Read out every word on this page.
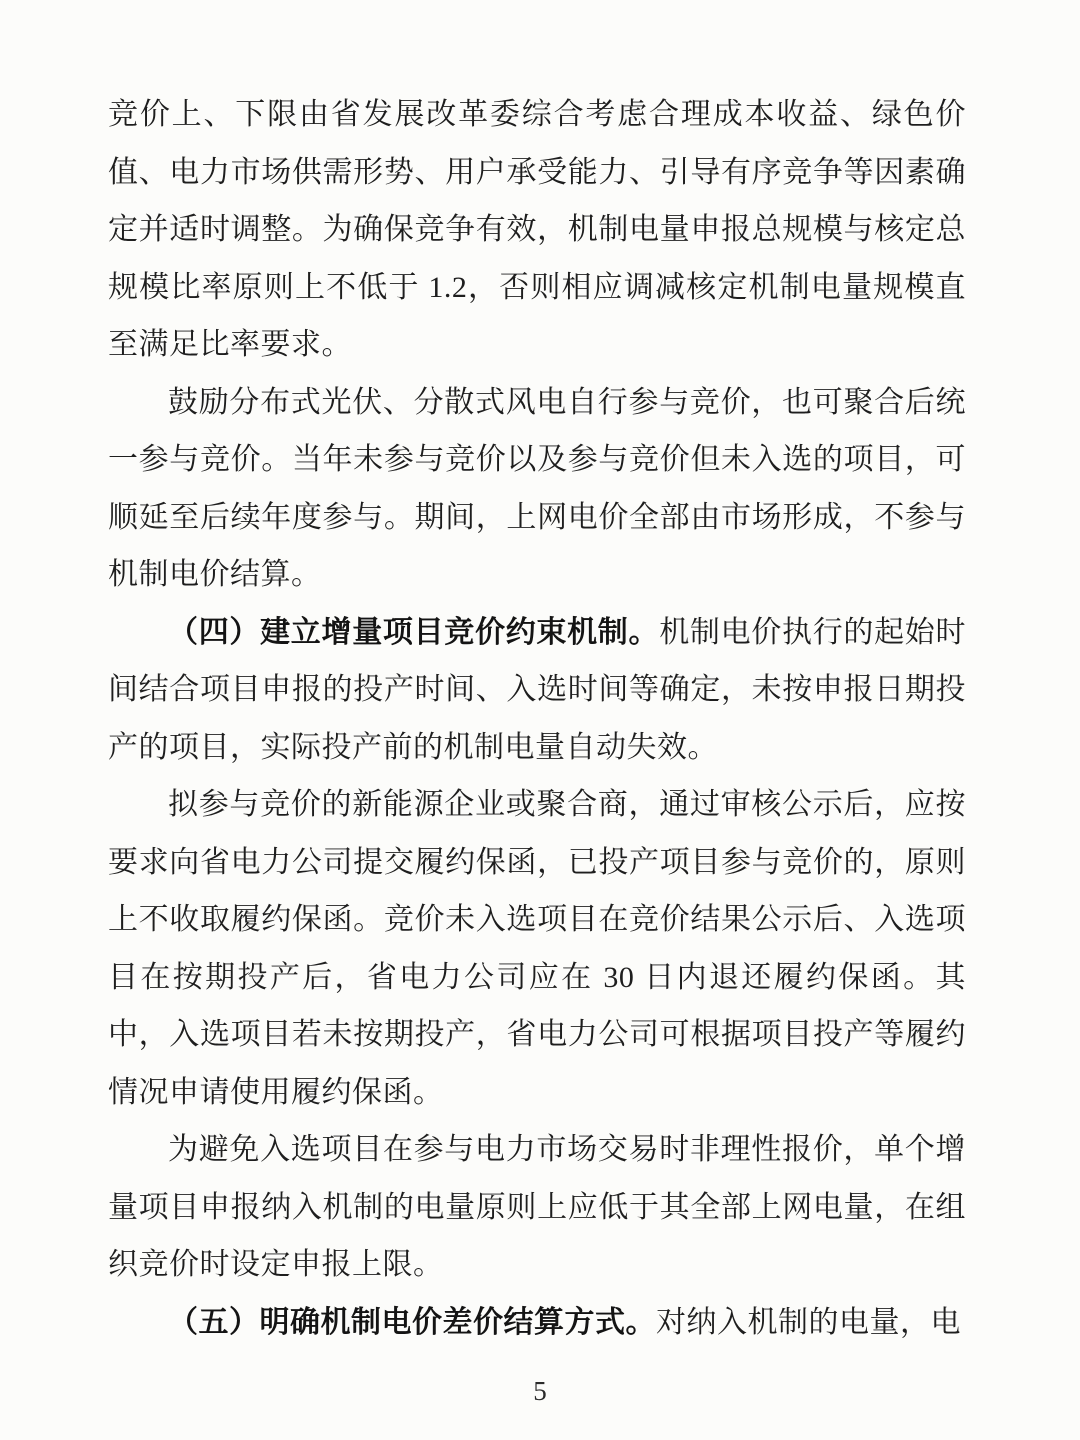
竞价上、下限由省发展改革委综合考虑合理成本收益、绿色价值、电力市场供需形势、用户承受能力、引导有序竞争等因素确定并适时调整。为确保竞争有效，机制电量申报总规模与核定总规模比率原则上不低于 1.2，否则相应调减核定机制电量规模直至满足比率要求。

鼓励分布式光伏、分散式风电自行参与竞价，也可聚合后统一参与竞价。当年未参与竞价以及参与竞价但未入选的项目，可顺延至后续年度参与。期间，上网电价全部由市场形成，不参与机制电价结算。

（四）建立增量项目竞价约束机制。机制电价执行的起始时间结合项目申报的投产时间、入选时间等确定，未按申报日期投产的项目，实际投产前的机制电量自动失效。

拟参与竞价的新能源企业或聚合商，通过审核公示后，应按要求向省电力公司提交履约保函，已投产项目参与竞价的，原则上不收取履约保函。竞价未入选项目在竞价结果公示后、入选项目在按期投产后，省电力公司应在 30 日内退还履约保函。其中，入选项目若未按期投产，省电力公司可根据项目投产等履约情况申请使用履约保函。

为避免入选项目在参与电力市场交易时非理性报价，单个增量项目申报纳入机制的电量原则上应低于其全部上网电量，在组织竞价时设定申报上限。

（五）明确机制电价差价结算方式。对纳入机制的电量，电

5
